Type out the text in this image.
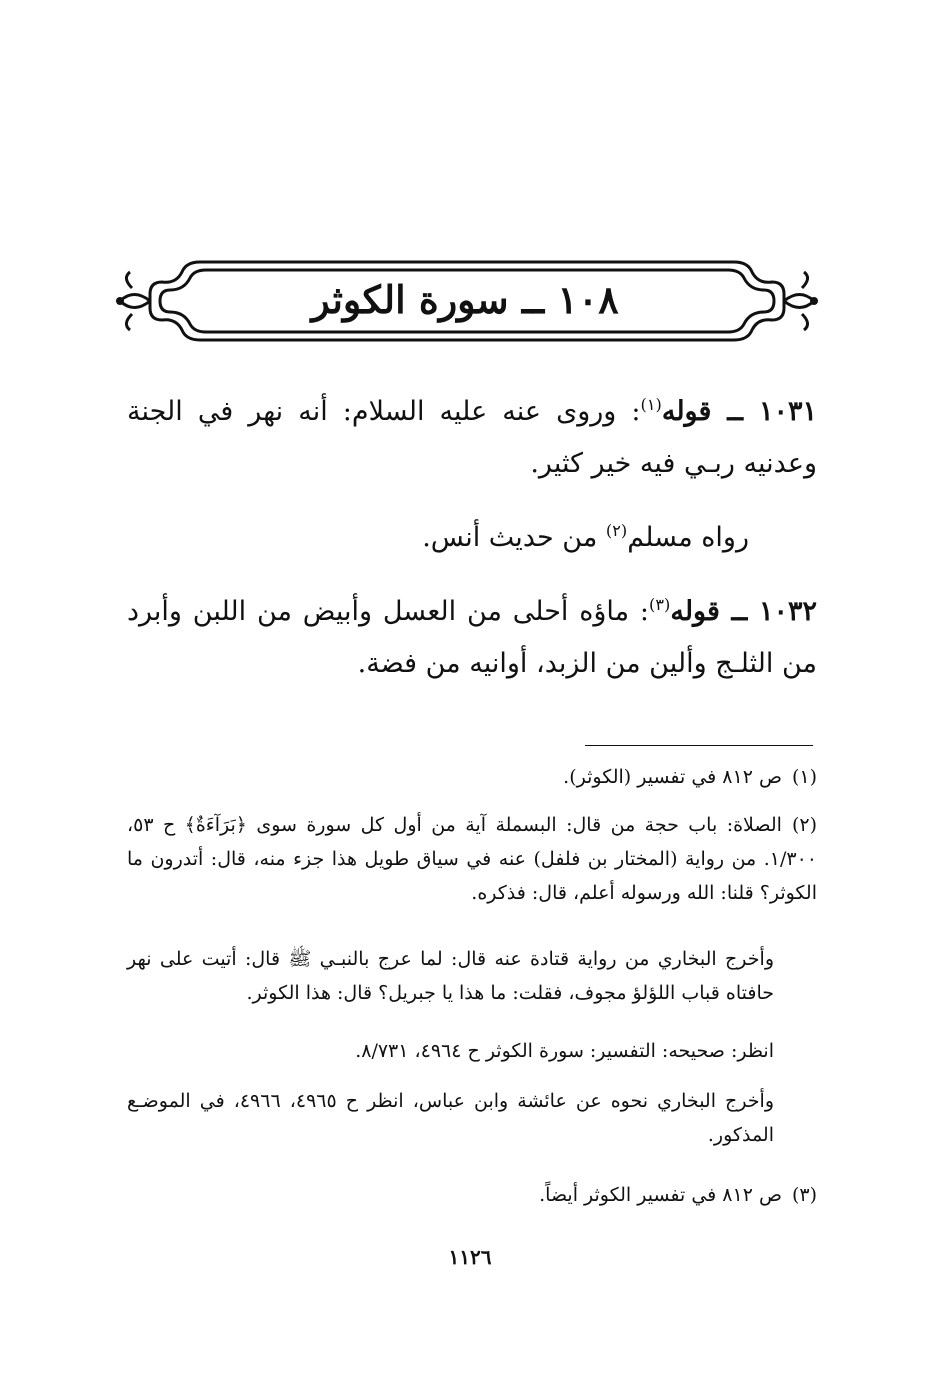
١٠٨ ــ سورة الكوثر
١٠٣١ ــ قوله$^{(١)}$: وروى عنه عليه السلام: أنه نهر في الجنة وعدنيه ربـي فيه خير كثير.
رواه مسلم$^{(٢)}$ من حديث أنس.
١٠٣٢ ــ قوله$^{(٣)}$: ماؤه أحلى من العسل وأبيض من اللبن وأبرد من الثلـج وألين من الزبد، أوانيه من فضة.
(١)ص ٨١٢ في تفسير (الكوثر).
(٢)الصلاة: باب حجة من قال: البسملة آية من أول كل سورة سوى ﴿بَرَآءَةٌ﴾ ح ٥٣، ١/٣٠٠. من رواية (المختار بن فلفل) عنه في سياق طويل هذا جزء منه، قال: أتدرون ما الكوثر؟ قلنا: الله ورسوله أعلم، قال: فذكره.
وأخرج البخاري من رواية قتادة عنه قال: لما عرج بالنبـي ﷺ قال: أتيت على نهر حافتاه قباب اللؤلؤ مجوف، فقلت: ما هذا يا جبريل؟ قال: هذا الكوثر.
انظر: صحيحه: التفسير: سورة الكوثر ح ٤٩٦٤، ٨/٧٣١.
وأخرج البخاري نحوه عن عائشة وابن عباس، انظر ح ٤٩٦٥، ٤٩٦٦، في الموضـع المذكور.
(٣)ص ٨١٢ في تفسير الكوثر أيضاً.
١١٢٦
